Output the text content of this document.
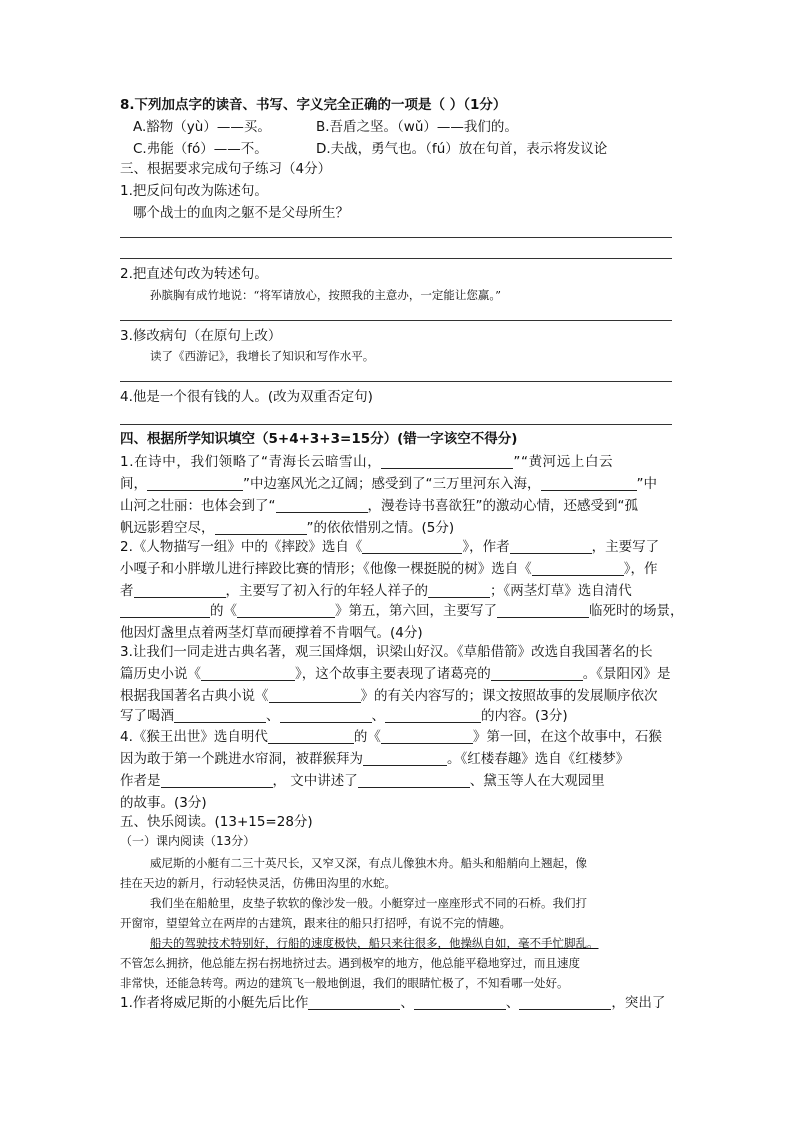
8.下列加点字的读音、书写、字义完全正确的一项是（ ）（1分）
A.豁物（yù）——买。	B.吾盾之坚。（wǔ）——我们的。
C.弗能（fó）——不。	D.夫战，勇气也。（fú）放在句首，表示将发议论
三、根据要求完成句子练习（4分）
1.把反问句改为陈述句。
哪个战士的血肉之躯不是父母所生？
2.把直述句改为转述句。
孙膑胸有成竹地说：“将军请放心，按照我的主意办，一定能让您赢。”
3.修改病句（在原句上改）
读了《西游记》，我增长了知识和写作水平。
4.他是一个很有钱的人。(改为双重否定句)
四、根据所学知识填空（5+4+3+3=15分）(错一字该空不得分)
1.在诗中，我们领略了“青海长云暗雪山，	”“黄河远上白云
间，	”中边塞风光之辽阔；感受到了“三万里河东入海，	”中
山河之壮丽：也体会到了“	，漫卷诗书喜欲狂”的激动心情，还感受到“孤
帆远影碧空尽，	”的依依惜别之情。(5分)
2.《人物描写一组》中的《摔跤》选自《	》，作者	，主要写了
小嘎子和小胖墩儿进行摔跤比赛的情形；《他像一棵挺脱的树》选自《	》，作
者	，主要写了初入行的年轻人祥子的	；《两茎灯草》选自清代
的《	》第五，第六回，主要写了	临死时的场景，
他因灯盏里点着两茎灯草而硬撑着不肯咽气。(4分)
3.让我们一同走进古典名著，观三国烽烟，识梁山好汉。《草船借箭》改选自我国著名的长
篇历史小说《	》，这个故事主要表现了诸葛亮的	。《景阳冈》是
根据我国著名古典小说《	》的有关内容写的；课文按照故事的发展顺序依次
写了喝酒	、	、	的内容。(3分)
4.《猴王出世》选自明代	的《	》第一回，在这个故事中，石猴
因为敢于第一个跳进水帘洞，被群猴拜为	。《红楼春趣》选自《红楼梦》
作者是	， 文中讲述了	、黛玉等人在大观园里
的故事。(3分)
五、快乐阅读。(13+15=28分)
（一）课内阅读（13分）
威尼斯的小艇有二三十英尺长，又窄又深，有点儿像独木舟。船头和船艄向上翘起，像
挂在天边的新月，行动轻快灵活，仿佛田沟里的水蛇。
我们坐在船舱里，皮垫子软软的像沙发一般。小艇穿过一座座形式不同的石桥。我们打
开窗帘，望望耸立在两岸的古建筑，跟来往的船只打招呼，有说不完的情趣。
船夫的驾驶技术特别好，行船的速度极快，船只来往很多，他操纵自如，毫不手忙脚乱。
不管怎么拥挤，他总能左拐右拐地挤过去。遇到极窄的地方，他总能平稳地穿过，而且速度
非常快，还能急转弯。两边的建筑飞一般地倒退，我们的眼睛忙极了，不知看哪一处好。
1.作者将威尼斯的小艇先后比作	、	、	，突出了
